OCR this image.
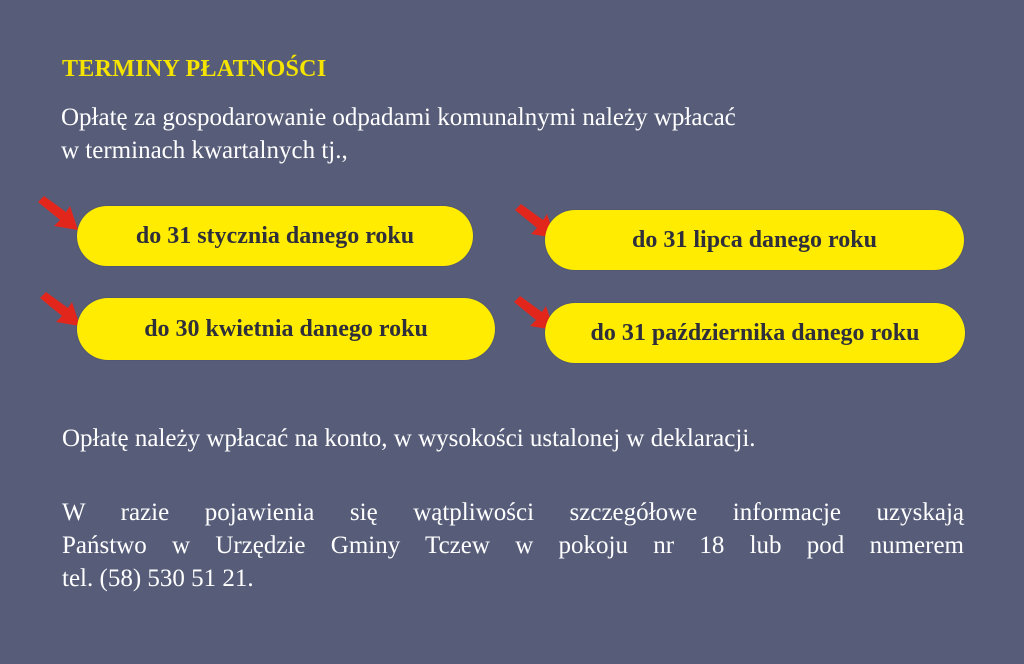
TERMINY PŁATNOŚCI

Opłatę za gospodarowanie odpadami komunalnymi należy wpłacać
w terminach kwartalnych tj.,

do 31 stycznia danego roku	do 31 lipca danego roku
do 30 kwietnia danego roku	do 31 października danego roku

Opłatę należy wpłacać na konto, w wysokości ustalonej w deklaracji.

W razie pojawienia się wątpliwości szczegółowe informacje uzyskają
Państwo w Urzędzie Gminy Tczew w pokoju nr 18 lub pod numerem
tel. (58) 530 51 21.
